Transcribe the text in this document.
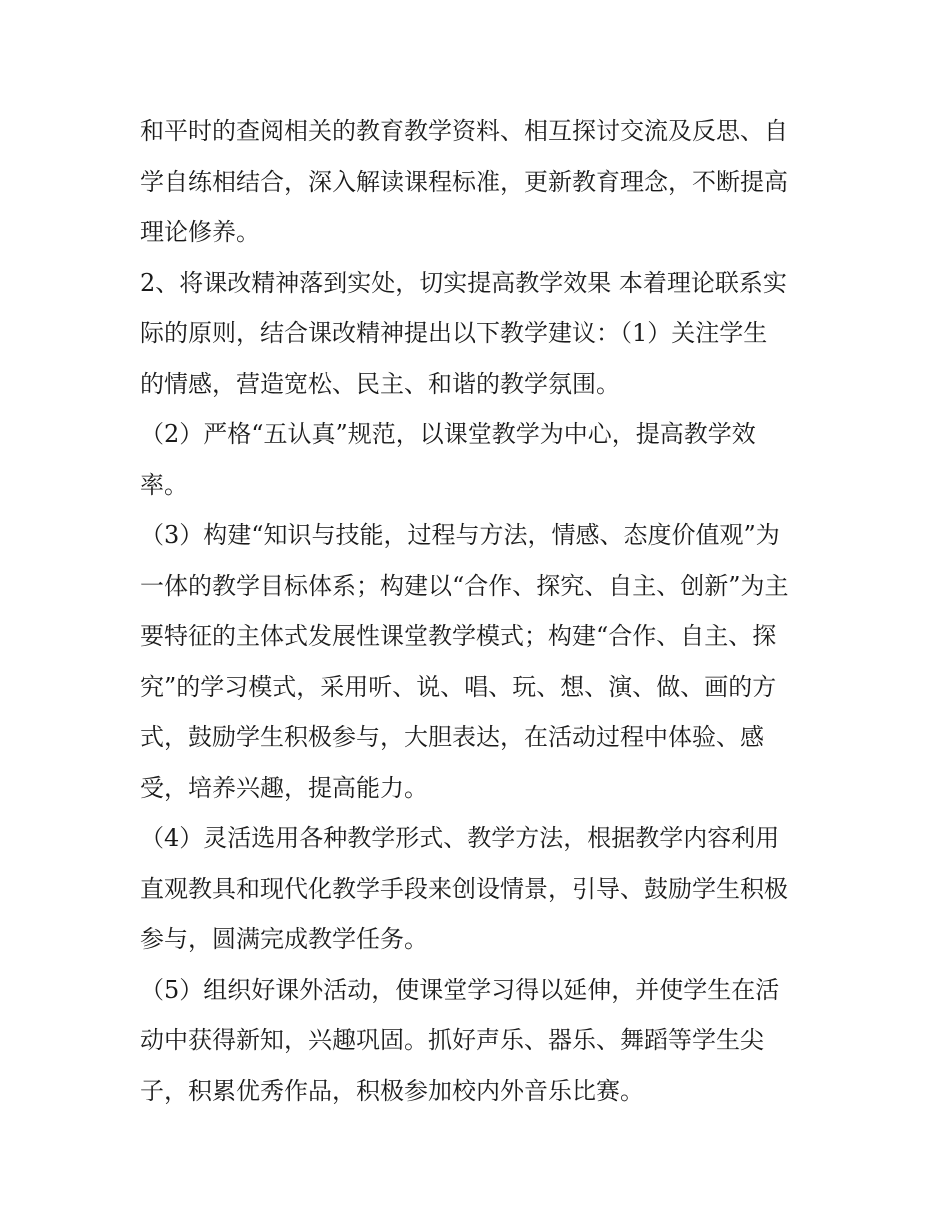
和平时的查阅相关的教育教学资料、相互探讨交流及反思、自
学自练相结合，深入解读课程标准，更新教育理念，不断提高
理论修养。
2、将课改精神落到实处，切实提高教学效果 本着理论联系实
际的原则，结合课改精神提出以下教学建议：（1）关注学生
的情感，营造宽松、民主、和谐的教学氛围。
（2）严格“五认真”规范，以课堂教学为中心，提高教学效
率。
（3）构建“知识与技能，过程与方法，情感、态度价值观”为
一体的教学目标体系；构建以“合作、探究、自主、创新”为主
要特征的主体式发展性课堂教学模式；构建“合作、自主、探
究”的学习模式，采用听、说、唱、玩、想、演、做、画的方
式，鼓励学生积极参与，大胆表达，在活动过程中体验、感
受，培养兴趣，提高能力。
（4）灵活选用各种教学形式、教学方法，根据教学内容利用
直观教具和现代化教学手段来创设情景，引导、鼓励学生积极
参与，圆满完成教学任务。
（5）组织好课外活动，使课堂学习得以延伸，并使学生在活
动中获得新知，兴趣巩固。抓好声乐、器乐、舞蹈等学生尖
子，积累优秀作品，积极参加校内外音乐比赛。
